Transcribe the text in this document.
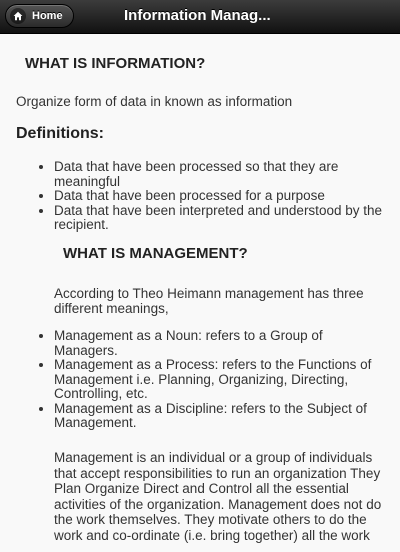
Home	Information Manag...
WHAT IS INFORMATION?
Organize form of data in known as information
Definitions:
• Data that have been processed so that they are meaningful
• Data that have been processed for a purpose
• Data that have been interpreted and understood by the recipient.
WHAT IS MANAGEMENT?
According to Theo Heimann management has three different meanings,
• Management as a Noun: refers to a Group of Managers.
• Management as a Process: refers to the Functions of Management i.e. Planning, Organizing, Directing, Controlling, etc.
• Management as a Discipline: refers to the Subject of Management.
Management is an individual or a group of individuals that accept responsibilities to run an organization They Plan Organize Direct and Control all the essential activities of the organization. Management does not do the work themselves. They motivate others to do the work and co-ordinate (i.e. bring together) all the work
